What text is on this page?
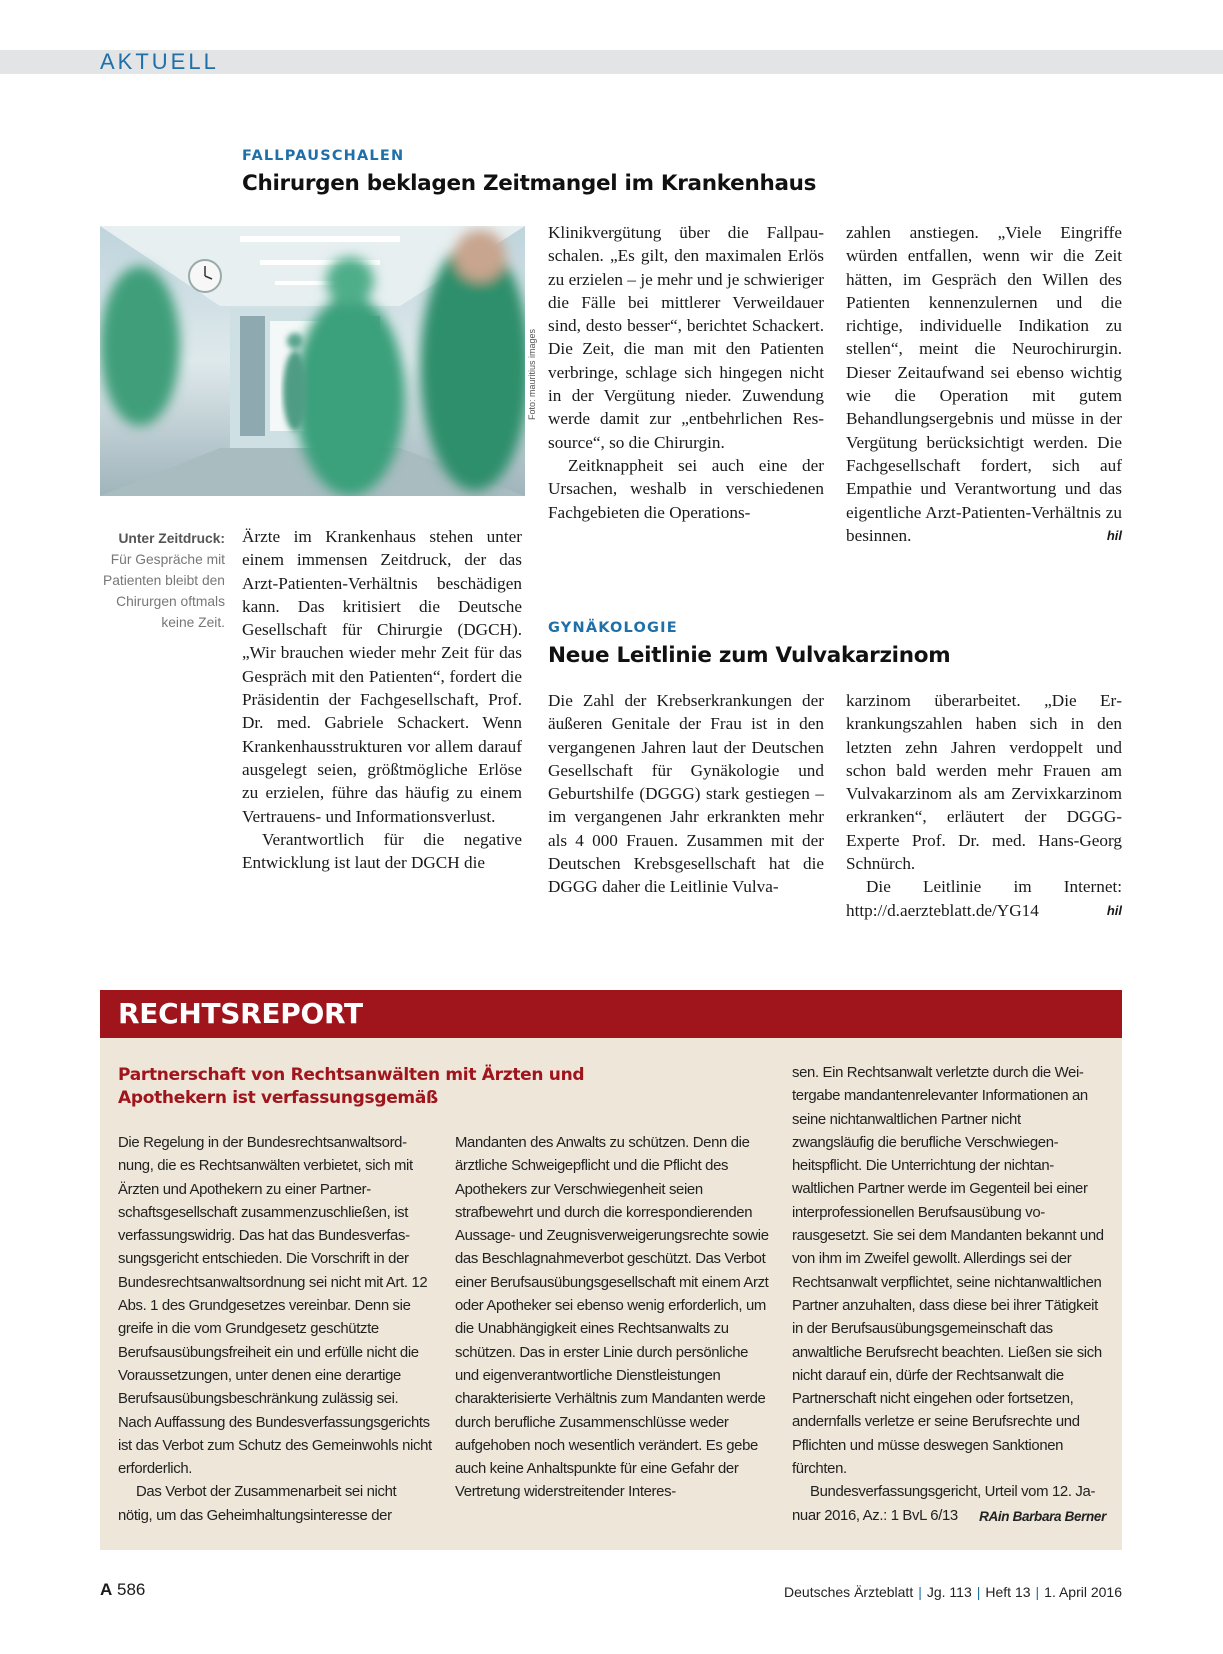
AKTUELL
FALLPAUSCHALEN
Chirurgen beklagen Zeitmangel im Krankenhaus
Foto: mauritius images
Unter Zeitdruck:
Für Gespräche mit Patienten bleibt den Chirurgen oftmals keine Zeit.

Ärzte im Krankenhaus stehen unter einem immensen Zeitdruck, der das Arzt-Patienten-Verhältnis beschädigen kann. Das kritisiert die Deutsche Gesellschaft für Chirurgie (DGCH). „Wir brauchen wieder mehr Zeit für das Gespräch mit den Patienten“, fordert die Präsidentin der Fachgesellschaft, Prof. Dr. med. Gabriele Schackert. Wenn Krankenhausstrukturen vor allem darauf ausgelegt seien, größtmögliche Erlöse zu erzielen, führe das häufig zu einem Vertrauens- und Informationsverlust.

Verantwortlich für die negative Entwicklung ist laut der DGCH die

Klinikvergütung über die Fallpauschalen. „Es gilt, den maximalen Erlös zu erzielen – je mehr und je schwieriger die Fälle bei mittlerer Verweildauer sind, desto besser“, berichtet Schackert. Die Zeit, die man mit den Patienten verbringe, schlage sich hingegen nicht in der Vergütung nieder. Zuwendung werde damit zur „entbehrlichen Ressource“, so die Chirurgin.

Zeitknappheit sei auch eine der Ursachen, weshalb in verschiedenen Fachgebieten die Operations-

zahlen anstiegen. „Viele Eingriffe würden entfallen, wenn wir die Zeit hätten, im Gespräch den Willen des Patienten kennenzulernen und die richtige, individuelle Indikation zu stellen“, meint die Neurochirurgin. Dieser Zeitaufwand sei ebenso wichtig wie die Operation mit gutem Behandlungsergebnis und müsse in der Vergütung berücksichtigt werden. Die Fachgesellschaft fordert, sich auf Empathie und Verantwortung und das eigentliche Arzt-Patienten-Verhältnis zu besinnen.	hil

GYNÄKOLOGIE
Neue Leitlinie zum Vulvakarzinom

Die Zahl der Krebserkrankungen der äußeren Genitale der Frau ist in den vergangenen Jahren laut der Deutschen Gesellschaft für Gynäkologie und Geburtshilfe (DGGG) stark gestiegen – im vergangenen Jahr erkrankten mehr als 4 000 Frauen. Zusammen mit der Deutschen Krebsgesellschaft hat die DGGG daher die Leitlinie Vulva-

karzinom überarbeitet. „Die Erkrankungszahlen haben sich in den letzten zehn Jahren verdoppelt und schon bald werden mehr Frauen am Vulvakarzinom als am Zervixkarzinom erkranken“, erläutert der DGGG-Experte Prof. Dr. med. Hans-Georg Schnürch.

Die Leitlinie im Internet: http://d.aerzteblatt.de/YG14	hil

RECHTSREPORT
Partnerschaft von Rechtsanwälten mit Ärzten und Apothekern ist verfassungsgemäß

Die Regelung in der Bundesrechtsanwaltsordnung, die es Rechtsanwälten verbietet, sich mit Ärzten und Apothekern zu einer Partnerschaftsgesellschaft zusammenzuschließen, ist verfassungswidrig. Das hat das Bundesverfassungsgericht entschieden. Die Vorschrift in der Bundesrechtsanwaltsordnung sei nicht mit Art. 12 Abs. 1 des Grundgesetzes vereinbar. Denn sie greife in die vom Grundgesetz geschützte Berufsausübungsfreiheit ein und erfülle nicht die Voraussetzungen, unter denen eine derartige Berufsausübungsbeschränkung zulässig sei. Nach Auffassung des Bundesverfassungsgerichts ist das Verbot zum Schutz des Gemeinwohls nicht erforderlich.

Das Verbot der Zusammenarbeit sei nicht nötig, um das Geheimhaltungsinteresse der

Mandanten des Anwalts zu schützen. Denn die ärztliche Schweigepflicht und die Pflicht des Apothekers zur Verschwiegenheit seien strafbewehrt und durch die korrespondierenden Aussage- und Zeugnisverweigerungsrechte sowie das Beschlagnahmeverbot geschützt. Das Verbot einer Berufsausübungsgesellschaft mit einem Arzt oder Apotheker sei ebenso wenig erforderlich, um die Unabhängigkeit eines Rechtsanwalts zu schützen. Das in erster Linie durch persönliche und eigenverantwortliche Dienstleistungen charakterisierte Verhältnis zum Mandanten werde durch berufliche Zusammenschlüsse weder aufgehoben noch wesentlich verändert. Es gebe auch keine Anhaltspunkte für eine Gefahr der Vertretung widerstreitender Interes-

sen. Ein Rechtsanwalt verletzte durch die Weitergabe mandantenrelevanter Informationen an seine nichtanwaltlichen Partner nicht zwangsläufig die berufliche Verschwiegenheitspflicht. Die Unterrichtung der nichtanwaltlichen Partner werde im Gegenteil bei einer interprofessionellen Berufsausübung vorausgesetzt. Sie sei dem Mandanten bekannt und von ihm im Zweifel gewollt. Allerdings sei der Rechtsanwalt verpflichtet, seine nichtanwaltlichen Partner anzuhalten, dass diese bei ihrer Tätigkeit in der Berufsausübungsgemeinschaft das anwaltliche Berufsrecht beachten. Ließen sie sich nicht darauf ein, dürfe der Rechtsanwalt die Partnerschaft nicht eingehen oder fortsetzen, andernfalls verletze er seine Berufsrechte und Pflichten und müsse deswegen Sanktionen fürchten.

Bundesverfassungsgericht, Urteil vom 12. Januar 2016, Az.: 1 BvL 6/13	RAin Barbara Berner

A 586	Deutsches Ärzteblatt | Jg. 113 | Heft 13 | 1. April 2016
